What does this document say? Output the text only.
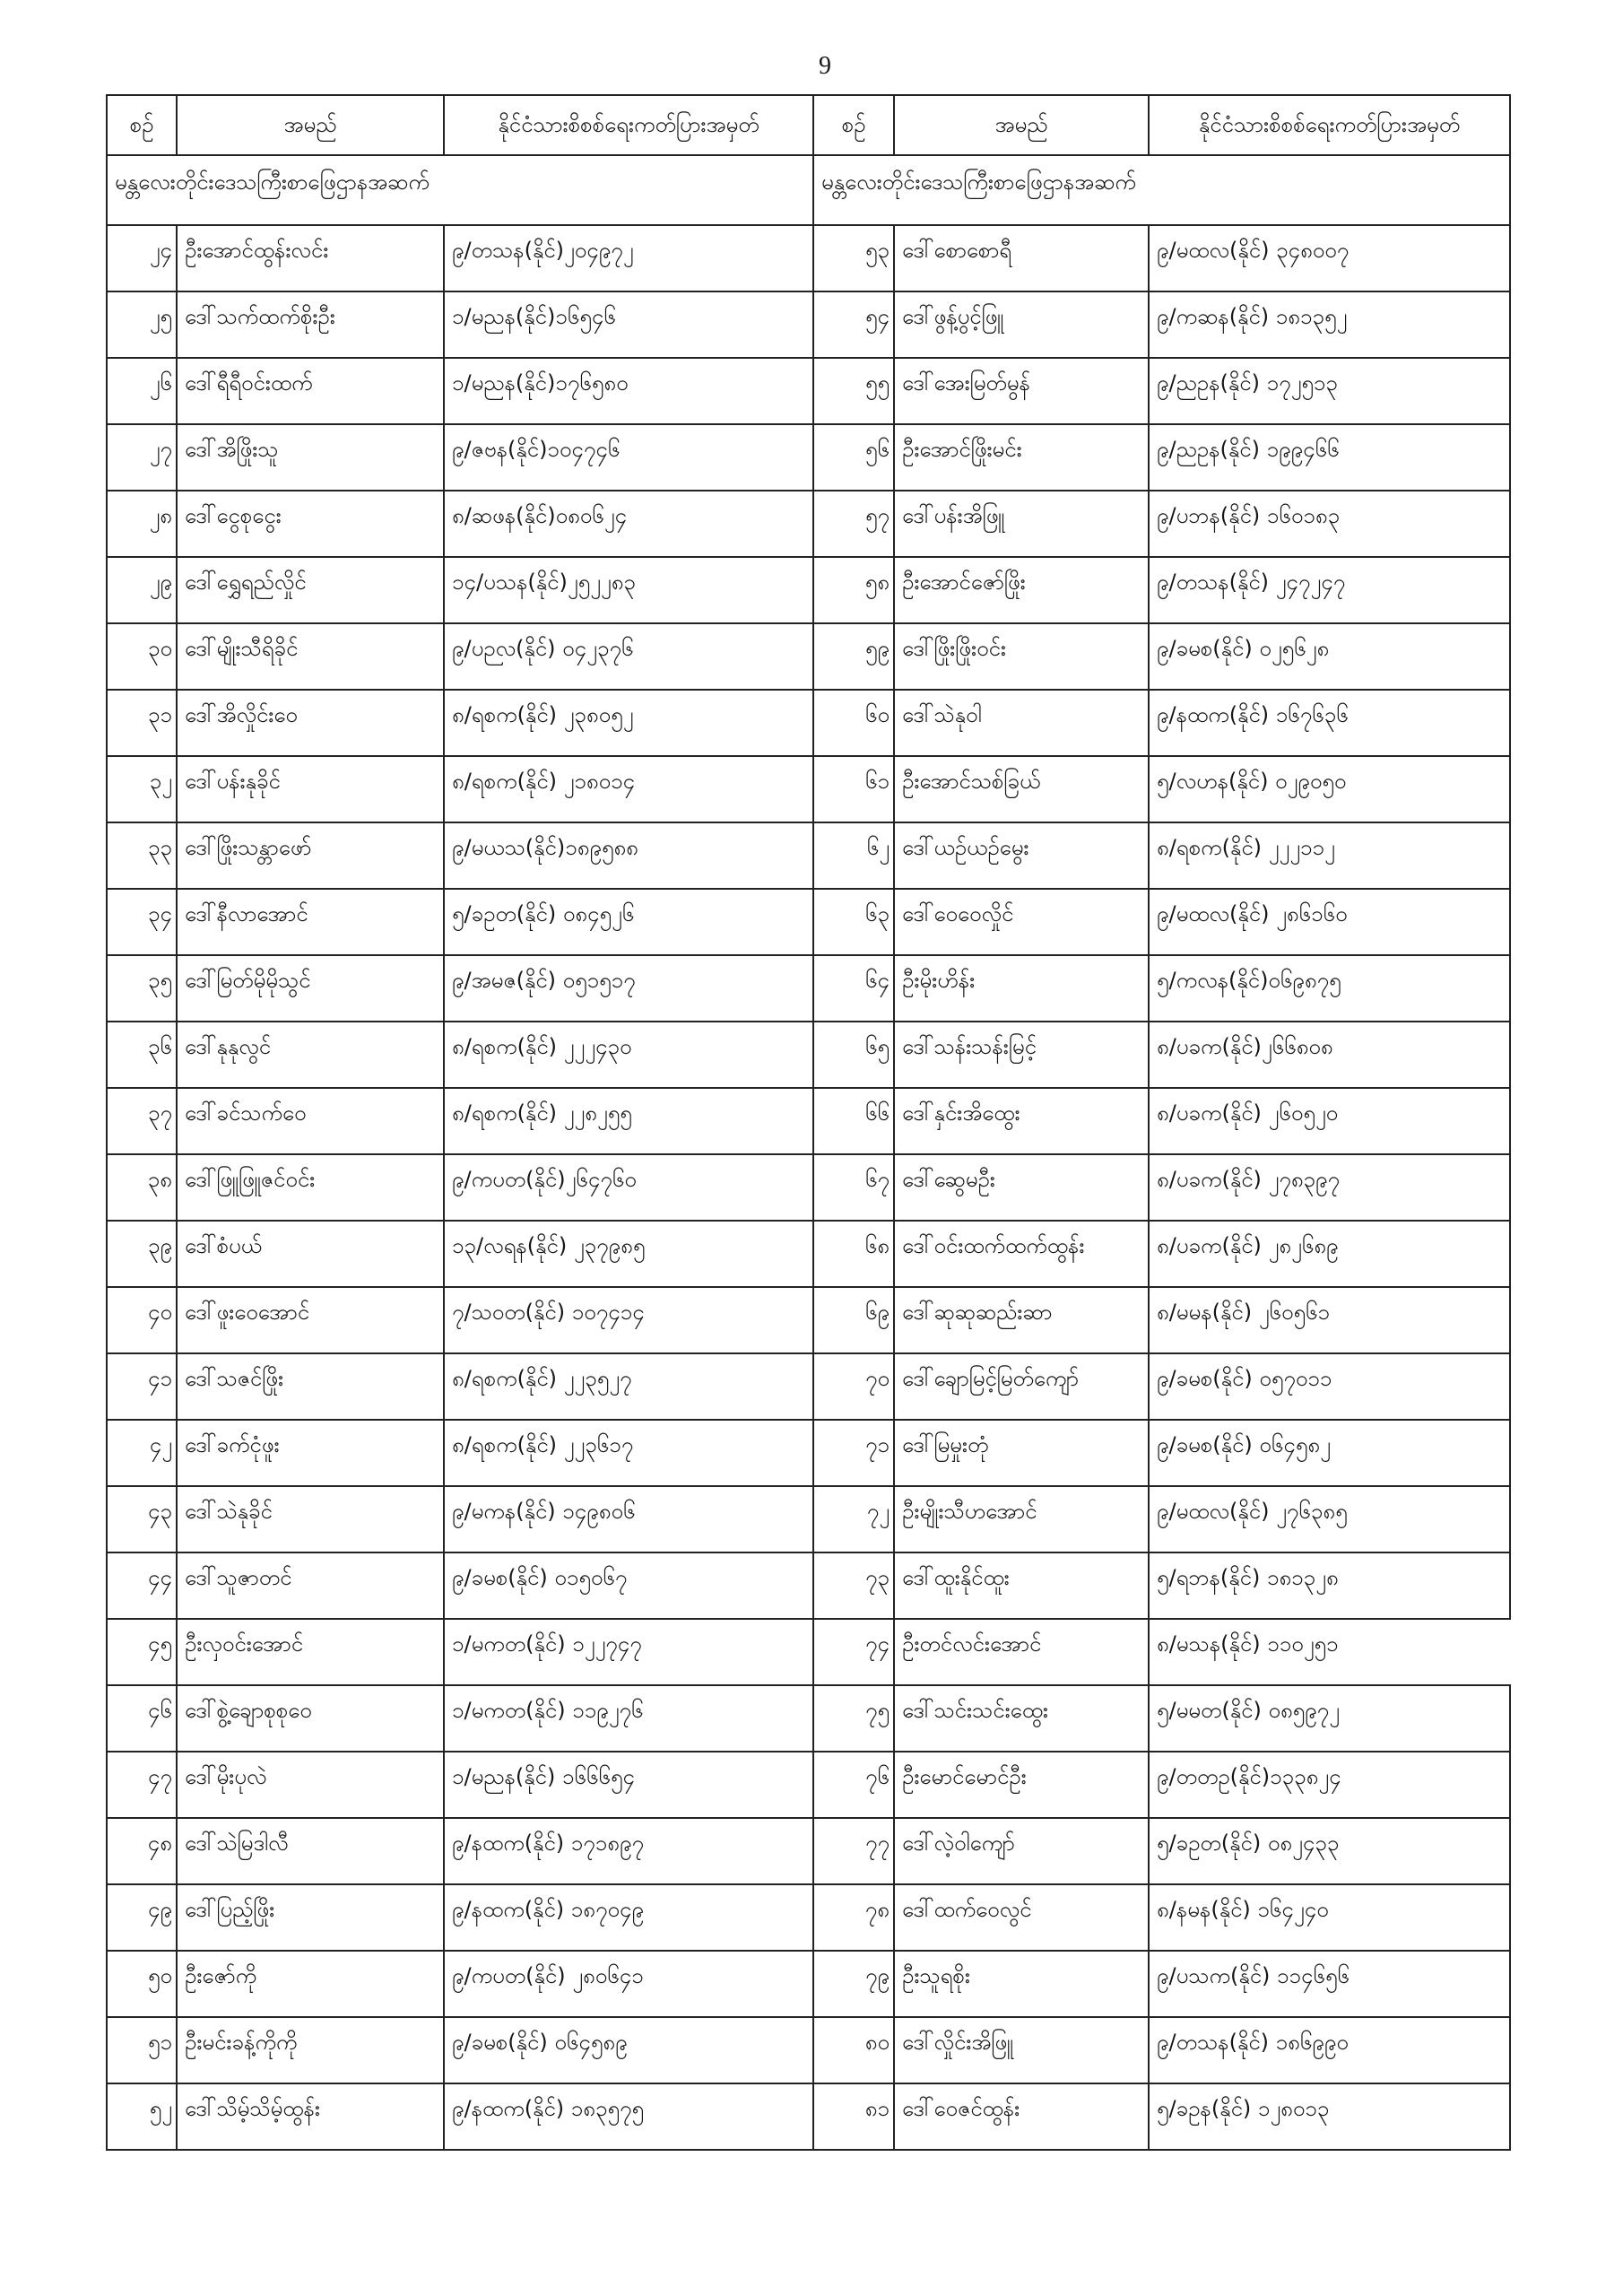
9
စဉ်	အမည်	နိုင်ငံသားစိစစ်ရေးကတ်ပြားအမှတ်	စဉ်	အမည်	နိုင်ငံသားစိစစ်ရေးကတ်ပြားအမှတ်
မန္တလေးတိုင်းဒေသကြီးစာဖြေဌာနအဆက်			မန္တလေးတိုင်းဒေသကြီးစာဖြေဌာနအဆက်		
၂၄	ဦးအောင်ထွန်းလင်း	၉/တသန(နိုင်)၂၀၄၉၇၂	၅၃	ဒေါ်စောစောရီ	၉/မထလ(နိုင်) ၃၄၈၀၀၇
၂၅	ဒေါ်သက်ထက်စိုးဦး	၁/မညန(နိုင်)၁၆၅၄၆	၅၄	ဒေါ်ဖွန့်ပွင့်ဖြူ	၉/ကဆန(နိုင်) ၁၈၁၃၅၂
၂၆	ဒေါ်ရီရီဝင်းထက်	၁/မညန(နိုင်)၁၇၆၅၈၀	၅၅	ဒေါ်အေးမြတ်မွန်	၉/ညဥန(နိုင်) ၁၇၂၅၁၃
၂၇	ဒေါ်အိဖြိုးသူ	၉/ဇဗန(နိုင်)၁၀၄၇၄၆	၅၆	ဦးအောင်ဖြိုးမင်း	၉/ညဥန(နိုင်) ၁၉၉၄၆၆
၂၈	ဒေါ်ငွေစုငွေး	၈/ဆဖန(နိုင်)၀၈၀၆၂၄	၅၇	ဒေါ်ပန်းအိဖြူ	၉/ပဘန(နိုင်) ၁၆၀၁၈၃
၂၉	ဒေါ်ရွှေရည်လှိုင်	၁၄/ပသန(နိုင်)၂၅၂၂၈၃	၅၈	ဦးအောင်ဇော်ဖြိုး	၉/တသန(နိုင်) ၂၄၇၂၄၇
၃၀	ဒေါ်မျိုးသီရိခိုင်	၉/ပဉလ(နိုင်) ၀၄၂၃၇၆	၅၉	ဒေါ်ဖြိုးဖြိုးဝင်း	၉/ခမစ(နိုင်) ၀၂၅၆၂၈
၃၁	ဒေါ်အိလှိုင်းဝေ	၈/ရစက(နိုင်) ၂၃၈၀၅၂	၆၀	ဒေါ်သဲနုဝါ	၉/နထက(နိုင်) ၁၆၇၆၃၆
၃၂	ဒေါ်ပန်းနုခိုင်	၈/ရစက(နိုင်) ၂၁၈၀၁၄	၆၁	ဦးအောင်သစ်ခြယ်	၅/လဟန(နိုင်) ၀၂၉၀၅၀
၃၃	ဒေါ်ဖြိုးသန္တာဖော်	၉/မယသ(နိုင်)၁၈၉၅၈၈	၆၂	ဒေါ်ယဉ်ယဉ်မွေး	၈/ရစက(နိုင်) ၂၂၂၁၁၂
၃၄	ဒေါ်နီလာအောင်	၅/ခဥတ(နိုင်) ၀၈၄၅၂၆	၆၃	ဒေါ်ဝေဝေလှိုင်	၉/မထလ(နိုင်) ၂၈၆၁၆၀
၃၅	ဒေါ်မြတ်မိုမိုသွင်	၉/အမဇ(နိုင်) ၀၅၁၅၁၇	၆၄	ဦးမိုးဟိန်း	၅/ကလန(နိုင်)၀၆၉၈၇၅
၃၆	ဒေါ်နုနုလွင်	၈/ရစက(နိုင်) ၂၂၂၄၃၀	၆၅	ဒေါ်သန်းသန်းမြင့်	၈/ပခက(နိုင်)၂၆၆၈၀၈
၃၇	ဒေါ်ခင်သက်ဝေ	၈/ရစက(နိုင်) ၂၂၈၂၅၅	၆၆	ဒေါ်နှင်းအိထွေး	၈/ပခက(နိုင်) ၂၆၀၅၂၀
၃၈	ဒေါ်ဖြူဖြူဇင်ဝင်း	၉/ကပတ(နိုင်)၂၆၄၇၆၀	၆၇	ဒေါ်ဆွေမဦး	၈/ပခက(နိုင်) ၂၇၈၃၉၇
၃၉	ဒေါ်စံပယ်	၁၃/လရန(နိုင်) ၂၃၇၉၈၅	၆၈	ဒေါ်ဝင်းထက်ထက်ထွန်း	၈/ပခက(နိုင်) ၂၈၂၆၈၉
၄၀	ဒေါ်ဖူးဝေအောင်	၇/သဝတ(နိုင်) ၁၀၇၄၁၄	၆၉	ဒေါ်ဆုဆုဆည်းဆာ	၈/မမန(နိုင်) ၂၆၀၅၆၁
၄၁	ဒေါ်သဇင်ဖြိုး	၈/ရစက(နိုင်) ၂၂၃၅၂၇	၇၀	ဒေါ်ချောမြင့်မြတ်ကျော်	၉/ခမစ(နိုင်) ၀၅၇၀၁၁
၄၂	ဒေါ်ခက်ငုံဖူး	၈/ရစက(နိုင်) ၂၂၃၆၁၇	၇၁	ဒေါ်မြမှုးတုံ	၉/ခမစ(နိုင်) ၀၆၄၅၈၂
၄၃	ဒေါ်သဲနုခိုင်	၉/မကန(နိုင်) ၁၄၉၈၀၆	၇၂	ဦးမျိုးသီဟအောင်	၉/မထလ(နိုင်) ၂၇၆၃၈၅
၄၄	ဒေါ်သူဇာတင်	၉/ခမစ(နိုင်) ၀၁၅၀၆၇	၇၃	ဒေါ်ထူးနိုင်ထူး	၅/ရဘန(နိုင်) ၁၈၁၃၂၈
၄၅	ဦးလှဝင်းအောင်	၁/မကတ(နိုင်) ၁၂၂၇၄၇	၇၄	ဦးတင်လင်းအောင်	၈/မသန(နိုင်) ၁၁၀၂၅၁
၄၆	ဒေါ်စွဲ့ချောစုစုဝေ	၁/မကတ(နိုင်) ၁၁၉၂၇၆	၇၅	ဒေါ်သင်းသင်းထွေး	၅/မမတ(နိုင်) ၀၈၅၉၇၂
၄၇	ဒေါ်မိုးပုလဲ	၁/မညန(နိုင်) ၁၆၆၆၅၄	၇၆	ဦးမောင်မောင်ဦး	၉/တတဥ(နိုင်)၁၃၃၈၂၄
၄၈	ဒေါ်သဲမြဒါလီ	၉/နထက(နိုင်) ၁၇၁၈၉၇	၇၇	ဒေါ်လဲ့ဝါကျော်	၅/ခဥတ(နိုင်) ၀၈၂၄၃၃
၄၉	ဒေါ်ပြည့်ဖြိုး	၉/နထက(နိုင်) ၁၈၇၀၄၉	၇၈	ဒေါ်ထက်ဝေလွင်	၈/နမန(နိုင်) ၁၆၄၂၄၀
၅၀	ဦးဇော်ကို	၉/ကပတ(နိုင်) ၂၈၀၆၄၁	၇၉	ဦးသူရစိုး	၉/ပသက(နိုင်) ၁၁၄၆၅၆
၅၁	ဦးမင်းခန့်ကိုကို	၉/ခမစ(နိုင်) ၀၆၄၅၈၉	၈၀	ဒေါ်လှိုင်းအိဖြူ	၉/တသန(နိုင်) ၁၈၆၉၉၀
၅၂	ဒေါ်သိမ့်သိမ့်ထွန်း	၉/နထက(နိုင်) ၁၈၃၅၇၅	၈၁	ဒေါ်ဝေဇင်ထွန်း	၅/ခဥန(နိုင်) ၁၂၈၀၁၃
